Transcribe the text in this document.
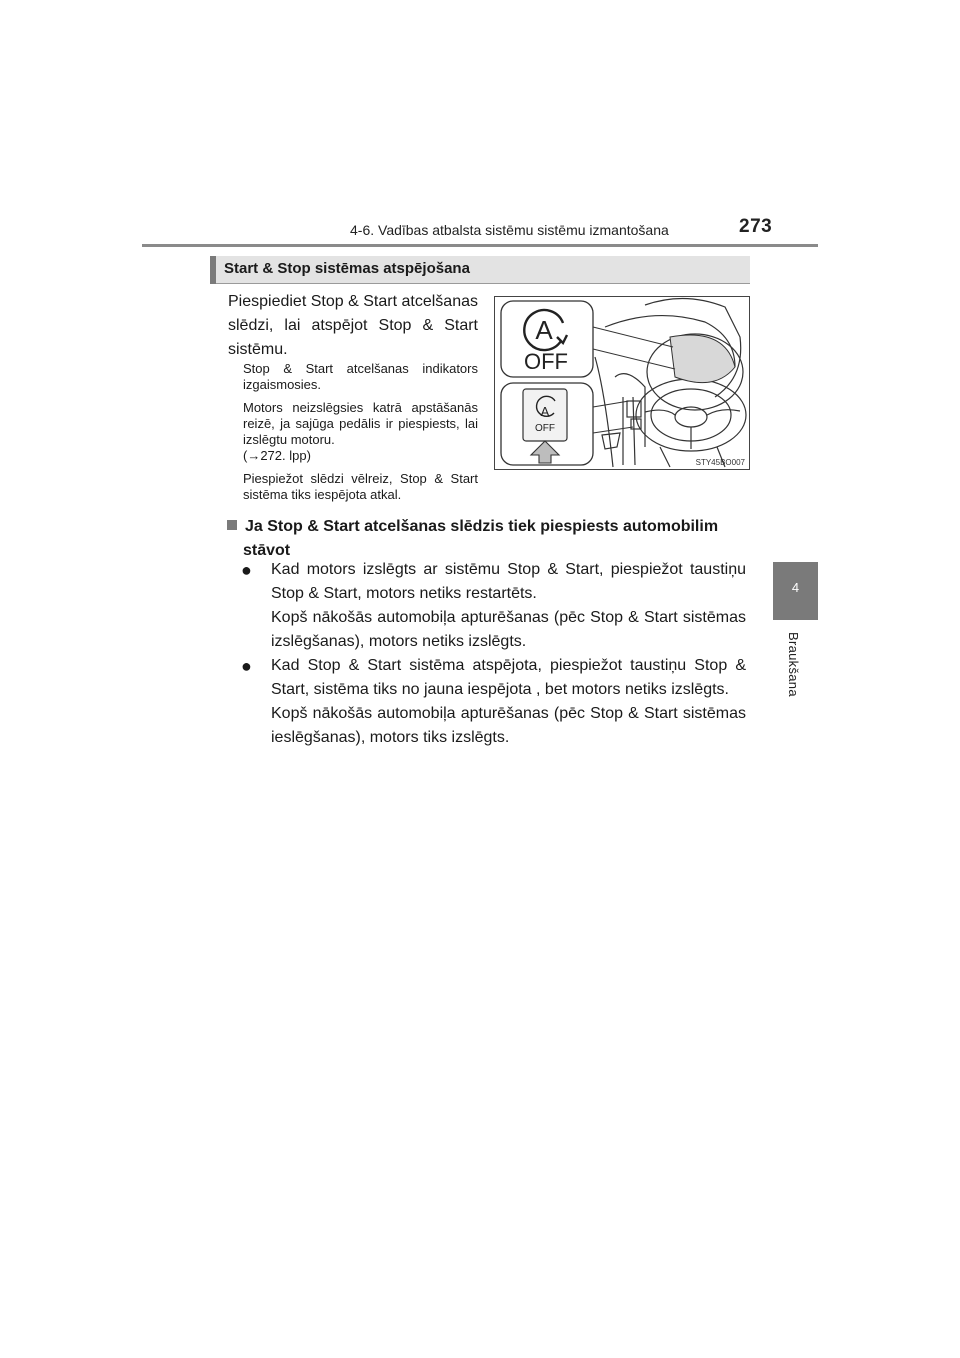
4-6. Vadības atbalsta sistēmu sistēmu izmantošana	273
4
Braukšana
Start & Stop sistēmas atspējošana

Piespiediet Stop & Start atcelšanas slēdzi, lai atspējot Stop & Start sistēmu.

Stop & Start atcelšanas indikators izgaismosies.
Motors neizslēgsies katrā apstāšanās reizē, ja sajūga pedālis ir piespiests, lai izslēgtu motoru.
(→272. lpp)
Piespiežot slēdzi vēlreiz, Stop & Start sistēma tiks iespējota atkal.
A
OFF
A
OFF
STY45BO007
Ja Stop & Start atcelšanas slēdzis tiek piespiests automobilim
stāvot
● Kad motors izslēgts ar sistēmu Stop & Start, piespiežot taustiņu Stop & Start, motors netiks restartēts.

Kopš nākošās automobiļa apturēšanas (pēc Stop & Start sistēmas izslēgšanas), motors netiks izslēgts.

● Kad Stop & Start sistēma atspējota, piespiežot taustiņu Stop & Start, sistēma tiks no jauna iespējota , bet motors netiks izslēgts.

Kopš nākošās automobiļa apturēšanas (pēc Stop & Start sistēmas ieslēgšanas), motors tiks izslēgts.
